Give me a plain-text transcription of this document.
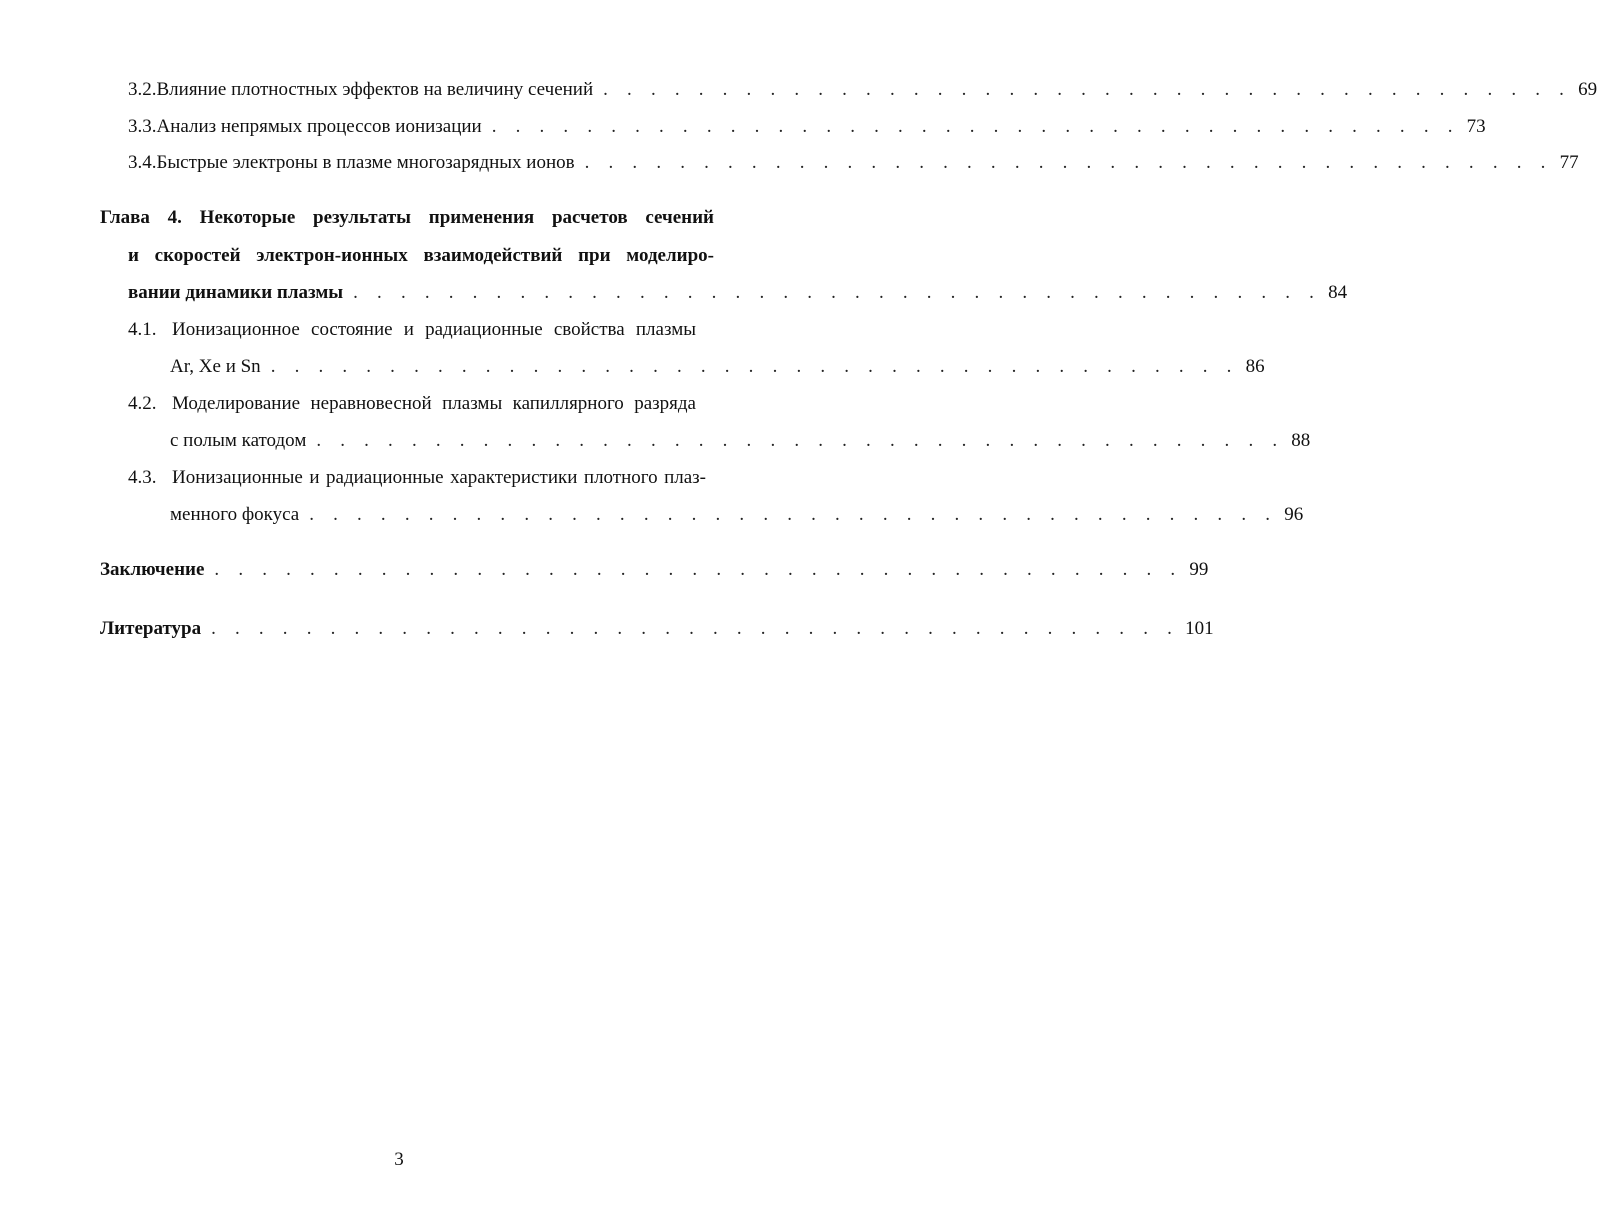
3.2. Влияние плотностных эффектов на величину сечений . . . . . . . . . . . . . . . . . . . . . . . . . . . . . . . . . . . . . . . . . 69
3.3. Анализ непрямых процессов ионизации . . . . . . . . . . . . . . . . . . . . . . . . . . . . . . . . . . . . . . . . . 73
3.4. Быстрые электроны в плазме многозарядных ионов . . . . . . . . . . . . . . . . . . . . . . . . . . . . . . . . . . . . . . . . . 77
Глава 4. Некоторые результаты применения расчетов сечений
и скоростей электрон-ионных взаимодействий при моделиро-
вании динамики плазмы . . . . . . . . . . . . . . . . . . . . . . . . . . . . . . . . . . . . . . . . . 84
4.1. Ионизационное состояние и радиационные свойства плазмы
Ar, Xe и Sn . . . . . . . . . . . . . . . . . . . . . . . . . . . . . . . . . . . . . . . . . 86
4.2. Моделирование неравновесной плазмы капиллярного разряда
с полым катодом . . . . . . . . . . . . . . . . . . . . . . . . . . . . . . . . . . . . . . . . . 88
4.3. Ионизационные и радиационные характеристики плотного плаз-
менного фокуса . . . . . . . . . . . . . . . . . . . . . . . . . . . . . . . . . . . . . . . . . 96
Заключение . . . . . . . . . . . . . . . . . . . . . . . . . . . . . . . . . . . . . . . . . 99
Литература . . . . . . . . . . . . . . . . . . . . . . . . . . . . . . . . . . . . . . . . . 101
3
